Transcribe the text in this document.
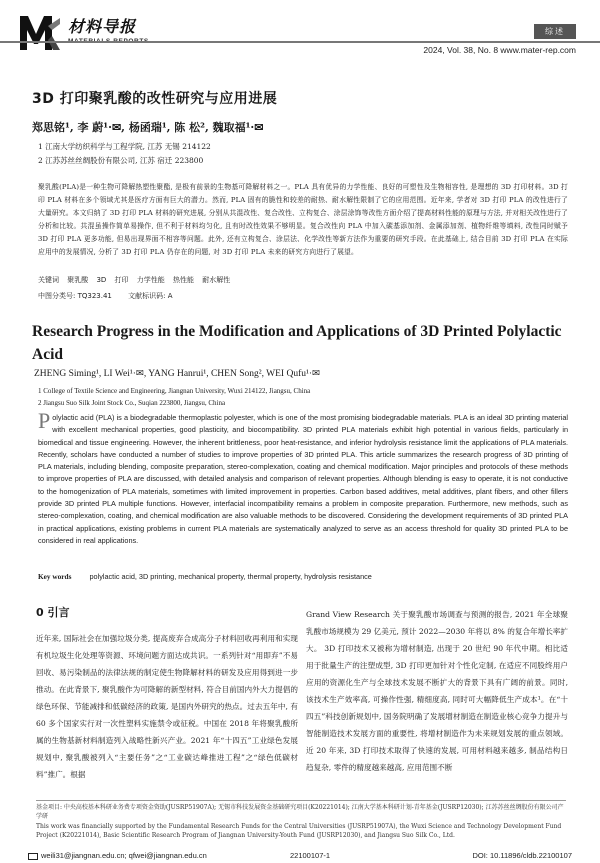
材料导报	综述
2024, Vol. 38, No. 8 www.mater-rep.com
3D 打印聚乳酸的改性研究与应用进展
郑思铭¹, 李 蔚¹·✉, 杨函瑞¹, 陈 松², 魏取福¹·✉
1 江南大学纺织科学与工程学院, 江苏 无锡 214122
2 江苏苏丝丝绸股份有限公司, 江苏 宿迁 223800
聚乳酸(PLA)是一种生物可降解热塑性聚酯, 是极有前景的生物基可降解材料之一。PLA 具有优异的力学性能、良好的可塑性及生物相容性, 是理想的 3D 打印材料。3D 打印 PLA 材料在多个领域尤其是医疗方面有巨大的潜力。然而, PLA 固有的脆性和较差的耐热、耐水解性限制了它的应用范围。近年来, 学者对 3D 打印 PLA 的改性进行了大量研究。本文归纳了 3D 打印 PLA 材料的研究进展, 分别从共混改性、复合改性、立构复合、涂层涂饰等改性方面介绍了提高材料性能的原理与方法, 并对相关改性进行了分析和比较。共混虽操作简单易操作, 但不利于材料均匀化, 且有时改性效果不够明显。复合改性向 PLA 中加入碳基添加剂、金属添加剂、植物纤维等填料, 改性同时赋予 3D 打印 PLA 更多功能, 但易出现界面不相容等问题。此外, 还有立构复合、涂层法、化学改性等新方法作为重要的研究手段。在此基础上, 结合目前 3D 打印 PLA 在实际应用中的发展情况, 分析了 3D 打印 PLA 仍存在的问题, 对 3D 打印 PLA 未来的研究方向进行了展望。
关键词 聚乳酸 3D 打印 力学性能 热性能 耐水解性
中图分类号: TQ323.41 文献标识码: A
Research Progress in the Modification and Applications of 3D Printed Polylactic Acid
ZHENG Siming¹, LI Wei¹·✉, YANG Hanrui¹, CHEN Song², WEI Qufu¹·✉
1 College of Textile Science and Engineering, Jiangnan University, Wuxi 214122, Jiangsu, China
2 Jiangsu Suo Silk Joint Stock Co., Suqian 223800, Jiangsu, China
Polylactic acid (PLA) is a biodegradable thermoplastic polyester, which is one of the most promising biodegradable materials. PLA is an ideal 3D printing material with excellent mechanical properties, good plasticity, and biocompatibility. 3D printed PLA materials exhibit high potential in various fields, particularly in biomedical and tissue engineering. However, the inherent brittleness, poor heat-resistance, and inferior hydrolysis resistance limit the applications of PLA materials. Recently, scholars have conducted a number of studies to improve properties of 3D printed PLA. This article summarizes the research progress of 3D printing of PLA materials, including blending, composite preparation, stereo-complexation, coating and chemical modification. Major principles and protocols of these methods to improve properties of PLA are discussed, with detailed analysis and comparison of relevant properties. Although blending is easy to operate, it is not conductive to the homogenization of PLA materials, sometimes with limited improvement in properties. Carbon based additives, metal additives, plant fibers, and other fillers provide 3D printed PLA multiple functions. However, interfacial incompatibility remains a problem in composite preparation. Furthermore, new methods, such as stereo-complexation, coating, and chemical modification are also valuable methods to be discovered. Considering the development requirements of 3D printed PLA in practical applications, existing problems in current PLA materials are systematically analyzed to serve as an access threshold for quality 3D printed PLA to be considered in real applications.
Key words polylactic acid, 3D printing, mechanical property, thermal property, hydrolysis resistance
0 引言
近年来, 国际社会在加强垃圾分类, 提高废弃合成高分子材料回收再利用和实现有机垃圾生化处理等资源、环境问题方面达成共识。一系列针对“用即弃”不易回收、易污染制品的法律法规的制定使生物降解材料的研发及应用得到进一步推动。在此背景下, 聚乳酸作为可降解的新型材料, 符合目前国内外大力提倡的绿色环保、节能减排和低碳经济的政策, 是国内外研究的热点。过去五年中, 有 60 多个国家实行对一次性塑料实施禁令或征税。中国在 2018 年将聚乳酸所属的生物基新材料制造列入战略性新兴产业。2021 年“十四五”工业绿色发展规划中, 聚乳酸被列入“主要任务”之“工业碳达峰推进工程”之“绿色低碳材料”推广。根据
Grand View Research 关于聚乳酸市场调查与预测的报告, 2021 年全球聚乳酸市场规模为 29 亿美元, 预计 2022—2030 年将以 8% 的复合年增长率扩大。 3D 打印技术又被称为增材制造, 出现于 20 世纪 90 年代中期。相比适用于批量生产的注塑成型, 3D 打印更加针对个性化定制, 在适应不同股终用户应用的资源化生产与全球技术发展不断扩大的背景下具有广阔的前景。同时, 该技术生产效率高, 可操作性强, 精细度高, 同时可大幅降低生产成本¹。在“十四五”科技创新规划中, 国务院明确了发展增材制造在制造业核心竞争力提升与智能制造技术发展方面的重要性, 将增材制造作为未来规划发展的重点领域。近 20 年来, 3D 打印技术取得了快速的发展, 可用材料越来越多, 制品结构日趋复杂, 零件的精度越来越高, 应用范围不断
基金项目: 中央高校基本科研业务费专项资金资助(JUSRP51907A); 无锡市科技发展资金基础研究项目(K20221014); 江南大学基本科研计划-青年基金(JUSRP12030); 江苏苏丝丝绸股份有限公司产学研
This work was financially supported by the Fundamental Research Funds for the Central Universities (JUSRP51907A), the Wuxi Science and Technology Development Fund Project (K20221014), Basic Scientific Research Program of Jiangnan University-Youth Fund (JUSRP12030), and Jiangsu Suo Silk Co., Ltd.
weili31@jiangnan.edu.cn; qfwei@jiangnan.edu.cn	22100107-1	DOI: 10.11896/cldb.22100107
